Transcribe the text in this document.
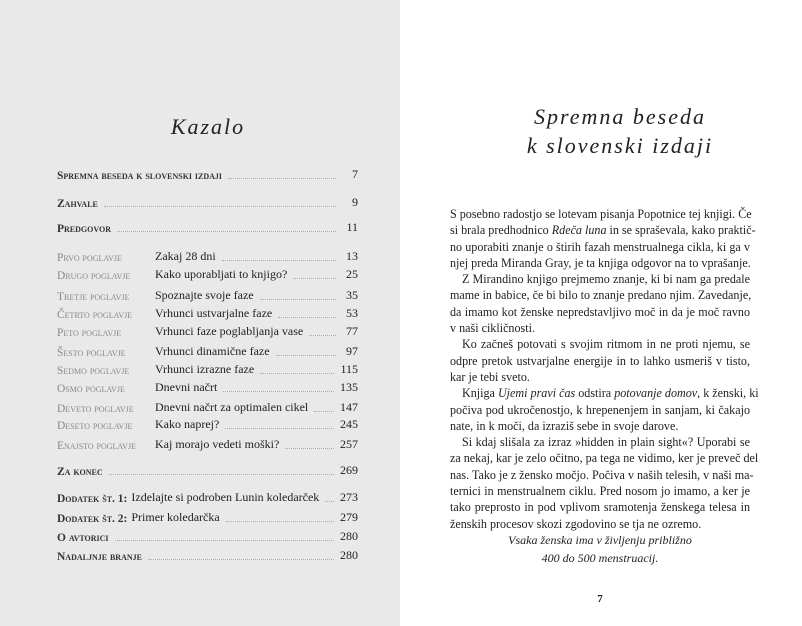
Kazalo
Spremna beseda k slovenski izdaji	7
Zahvale	9
Predgovor	11
Prvo poglavje	Zakaj 28 dni	13
Drugo poglavje	Kako uporabljati to knjigo?	25
Tretje poglavje	Spoznajte svoje faze	35
Četrto poglavje	Vrhunci ustvarjalne faze	53
Peto poglavje	Vrhunci faze poglabljanja vase	77
Šesto poglavje	Vrhunci dinamične faze	97
Sedmo poglavje	Vrhunci izrazne faze	115
Osmo poglavje	Dnevni načrt	135
Deveto poglavje	Dnevni načrt za optimalen cikel	147
Deseto poglavje	Kako naprej?	245
Enajsto poglavje	Kaj morajo vedeti moški?	257
Za konec	269
Dodatek št. 1: Izdelajte si podroben Lunin koledarček 273
Dodatek št. 2: Primer koledarčka	279
O avtorici	280
Nadaljnje branje	280
Spremna beseda
k slovenski izdaji
S posebno radostjo se lotevam pisanja Popotnice tej knjigi. Če
si brala predhodnico Rdeča luna in se spraševala, kako praktič-
no uporabiti znanje o štirih fazah menstrualnega cikla, ki ga v
njej preda Miranda Gray, je ta knjiga odgovor na to vprašanje.
Z Mirandino knjigo prejmemo znanje, ki bi nam ga predale
mame in babice, če bi bilo to znanje predano njim. Zavedanje,
da imamo kot ženske nepredstavljivo moč in da je moč ravno
v naši cikličnosti.
Ko začneš potovati s svojim ritmom in ne proti njemu, se
odpre pretok ustvarjalne energije in to lahko usmeriš v tisto,
kar je tebi sveto.
Knjiga Ujemi pravi čas odstira potovanje domov, k ženski, ki
počiva pod ukročenostjo, k hrepenenjem in sanjam, ki čakajo
nate, in k moči, da izraziš sebe in svoje darove.
Si kdaj slišala za izraz »hidden in plain sight«? Uporabi se
za nekaj, kar je zelo očitno, pa tega ne vidimo, ker je preveč del
nas. Tako je z žensko močjo. Počiva v naših telesih, v naši ma-
ternici in menstrualnem ciklu. Pred nosom jo imamo, a ker je
tako preprosto in pod vplivom sramotenja ženskega telesa in
ženskih procesov skozi zgodovino se tja ne ozremo.
Vsaka ženska ima v življenju približno
400 do 500 menstruacij.
7
